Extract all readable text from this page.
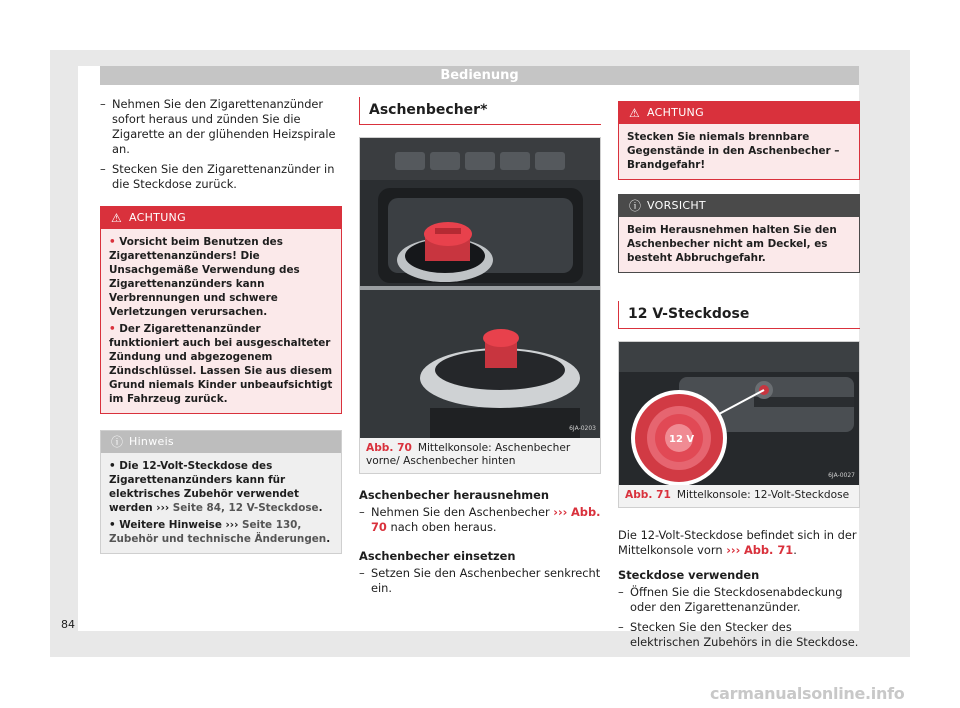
Bedienung

– Nehmen Sie den Zigarettenanzünder sofort heraus und zünden Sie die Zigarette an der glühenden Heizspirale an.

– Stecken Sie den Zigarettenanzünder in die Steckdose zurück.

⚠ ACHTUNG

• Vorsicht beim Benutzen des Zigarettenanzünders! Die Unsachgemäße Verwendung des Zigarettenanzünders kann Verbrennungen und schwere Verletzungen verursachen.

• Der Zigarettenanzünder funktioniert auch bei ausgeschalteter Zündung und abgezogenem Zündschlüssel. Lassen Sie aus diesem Grund niemals Kinder unbeaufsichtigt im Fahrzeug zurück.

ⓘ Hinweis

• Die 12-Volt-Steckdose des Zigarettenanzünders kann für elektrisches Zubehör verwendet werden ››› Seite 84, 12 V-Steckdose.

• Weitere Hinweise ››› Seite 130, Zubehör und technische Änderungen.

Aschenbecher*
6JA-0203
Abb. 70 Mittelkonsole: Aschenbecher vorne/ Aschenbecher hinten

Aschenbecher herausnehmen

– Nehmen Sie den Aschenbecher ››› Abb. 70 nach oben heraus.

Aschenbecher einsetzen

– Setzen Sie den Aschenbecher senkrecht ein.

⚠ ACHTUNG
Stecken Sie niemals brennbare Gegenstände in den Aschenbecher – Brandgefahr!
ⓘ VORSICHT
Beim Herausnehmen halten Sie den Aschenbecher nicht am Deckel, es besteht Abbruchgefahr.
12 V-Steckdose
12 V
6JA-0027
Abb. 71 Mittelkonsole: 12-Volt-Steckdose

Die 12-Volt-Steckdose befindet sich in der Mittelkonsole vorn ››› Abb. 71.

Steckdose verwenden

– Öffnen Sie die Steckdosenabdeckung oder den Zigarettenanzünder.

– Stecken Sie den Stecker des elektrischen Zubehörs in die Steckdose.

84
carmanualsonline.info
